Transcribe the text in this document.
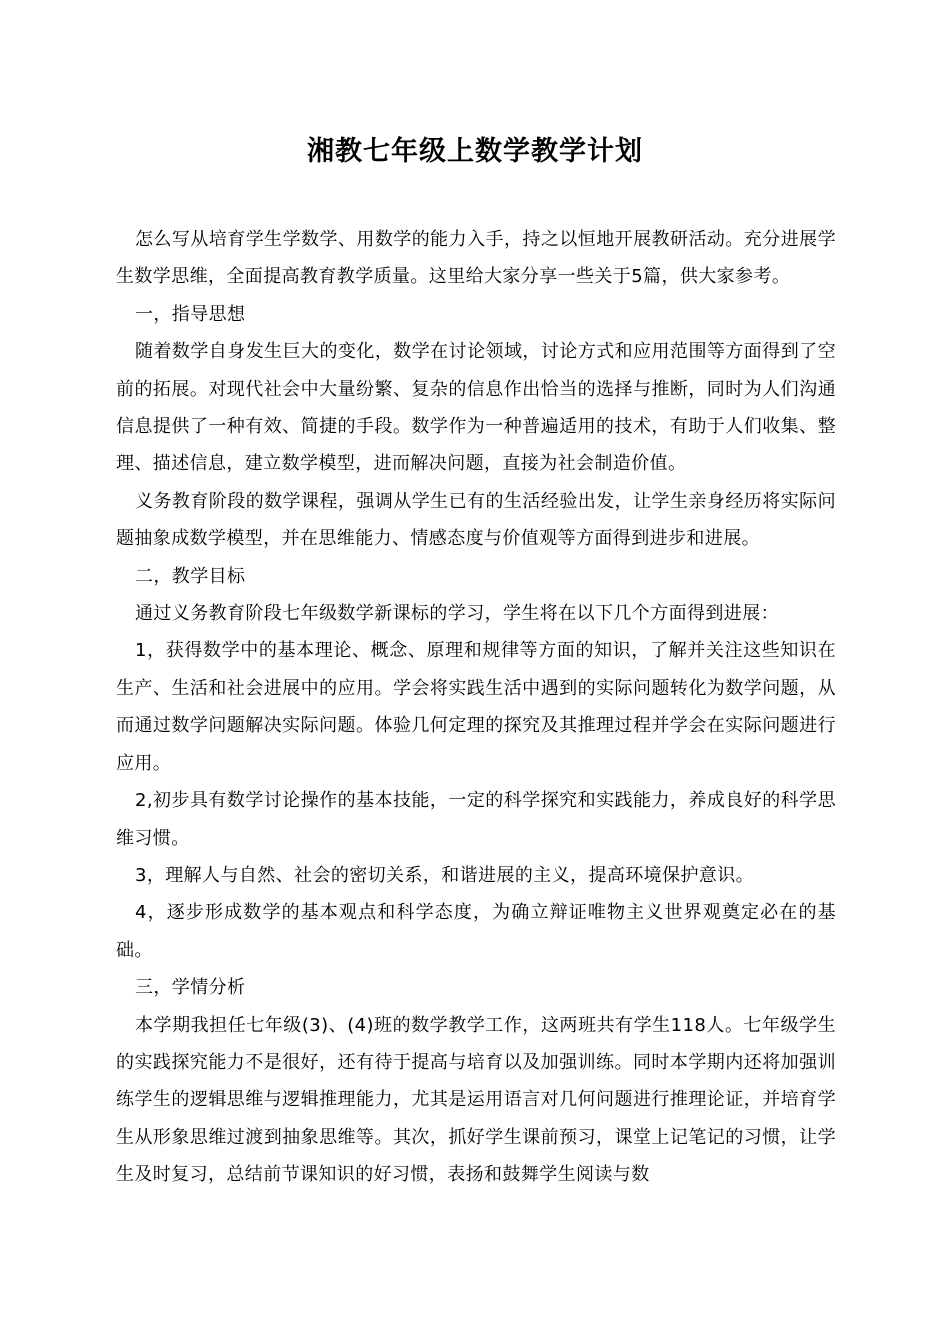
湘教七年级上数学教学计划

怎么写从培育学生学数学、用数学的能力入手，持之以恒地开展教研活动。充分进展学生数学思维，全面提高教育教学质量。这里给大家分享一些关于5篇，供大家参考。

一，指导思想

随着数学自身发生巨大的变化，数学在讨论领域，讨论方式和应用范围等方面得到了空前的拓展。对现代社会中大量纷繁、复杂的信息作出恰当的选择与推断，同时为人们沟通信息提供了一种有效、简捷的手段。数学作为一种普遍适用的技术，有助于人们收集、整理、描述信息，建立数学模型，进而解决问题，直接为社会制造价值。

义务教育阶段的数学课程，强调从学生已有的生活经验出发，让学生亲身经历将实际问题抽象成数学模型，并在思维能力、情感态度与价值观等方面得到进步和进展。

二，教学目标

通过义务教育阶段七年级数学新课标的学习，学生将在以下几个方面得到进展：

1，获得数学中的基本理论、概念、原理和规律等方面的知识，了解并关注这些知识在生产、生活和社会进展中的应用。学会将实践生活中遇到的实际问题转化为数学问题，从而通过数学问题解决实际问题。体验几何定理的探究及其推理过程并学会在实际问题进行应用。

2,初步具有数学讨论操作的基本技能，一定的科学探究和实践能力，养成良好的科学思维习惯。

3，理解人与自然、社会的密切关系，和谐进展的主义，提高环境保护意识。

4，逐步形成数学的基本观点和科学态度，为确立辩证唯物主义世界观奠定必在的基础。

三，学情分析

本学期我担任七年级(3)、(4)班的数学教学工作，这两班共有学生118人。七年级学生的实践探究能力不是很好，还有待于提高与培育以及加强训练。同时本学期内还将加强训练学生的逻辑思维与逻辑推理能力，尤其是运用语言对几何问题进行推理论证，并培育学生从形象思维过渡到抽象思维等。其次，抓好学生课前预习，课堂上记笔记的习惯，让学生及时复习，总结前节课知识的好习惯，表扬和鼓舞学生阅读与数
